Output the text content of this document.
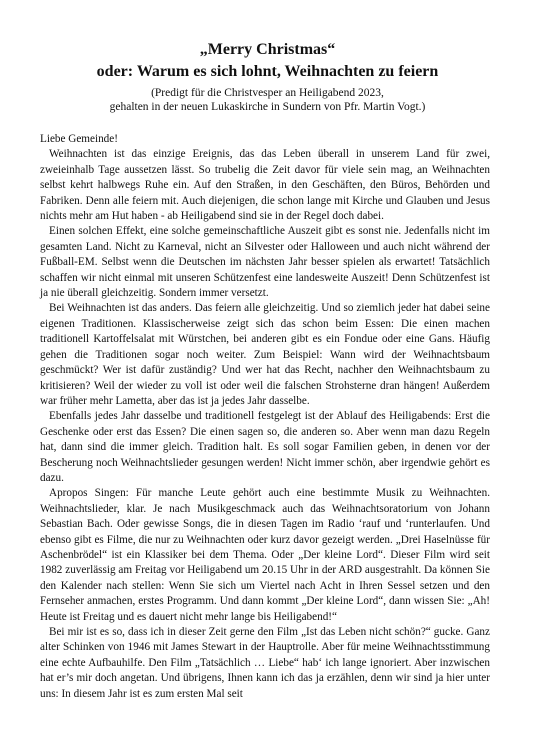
„Merry Christmas“
oder: Warum es sich lohnt, Weihnachten zu feiern

(Predigt für die Christvesper an Heiligabend 2023,

gehalten in der neuen Lukaskirche in Sundern von Pfr. Martin Vogt.)

Liebe Gemeinde!

Weihnachten ist das einzige Ereignis, das das Leben überall in unserem Land für zwei, zweieinhalb Tage aussetzen lässt. So trubelig die Zeit davor für viele sein mag, an Weihnachten selbst kehrt halbwegs Ruhe ein. Auf den Straßen, in den Geschäften, den Büros, Behörden und Fabriken. Denn alle feiern mit. Auch diejenigen, die schon lange mit Kirche und Glauben und Jesus nichts mehr am Hut haben - ab Heiligabend sind sie in der Regel doch dabei.

Einen solchen Effekt, eine solche gemeinschaftliche Auszeit gibt es sonst nie. Jedenfalls nicht im gesamten Land. Nicht zu Karneval, nicht an Silvester oder Halloween und auch nicht während der Fußball-EM. Selbst wenn die Deutschen im nächsten Jahr besser spielen als erwartet! Tatsächlich schaffen wir nicht einmal mit unseren Schützenfest eine landesweite Auszeit! Denn Schützenfest ist ja nie überall gleichzeitig. Sondern immer versetzt.

Bei Weihnachten ist das anders. Das feiern alle gleichzeitig. Und so ziemlich jeder hat dabei seine eigenen Traditionen. Klassischerweise zeigt sich das schon beim Essen: Die einen machen traditionell Kartoffelsalat mit Würstchen, bei anderen gibt es ein Fondue oder eine Gans. Häufig gehen die Traditionen sogar noch weiter. Zum Beispiel: Wann wird der Weihnachtsbaum geschmückt? Wer ist dafür zuständig? Und wer hat das Recht, nachher den Weihnachtsbaum zu kritisieren? Weil der wieder zu voll ist oder weil die falschen Strohsterne dran hängen! Außerdem war früher mehr Lametta, aber das ist ja jedes Jahr dasselbe.

Ebenfalls jedes Jahr dasselbe und traditionell festgelegt ist der Ablauf des Heiligabends: Erst die Geschenke oder erst das Essen? Die einen sagen so, die anderen so. Aber wenn man dazu Regeln hat, dann sind die immer gleich. Tradition halt. Es soll sogar Familien geben, in denen vor der Bescherung noch Weihnachtslieder gesungen werden! Nicht immer schön, aber irgendwie gehört es dazu.

Apropos Singen: Für manche Leute gehört auch eine bestimmte Musik zu Weihnachten. Weihnachtslieder, klar. Je nach Musikgeschmack auch das Weihnachtsoratorium von Johann Sebastian Bach. Oder gewisse Songs, die in diesen Tagen im Radio ‘rauf und ‘runterlaufen. Und ebenso gibt es Filme, die nur zu Weihnachten oder kurz davor gezeigt werden. „Drei Haselnüsse für Aschenbrödel“ ist ein Klassiker bei dem Thema. Oder „Der kleine Lord“. Dieser Film wird seit 1982 zuverlässig am Freitag vor Heiligabend um 20.15 Uhr in der ARD ausgestrahlt. Da können Sie den Kalender nach stellen: Wenn Sie sich um Viertel nach Acht in Ihren Sessel setzen und den Fernseher anmachen, erstes Programm. Und dann kommt „Der kleine Lord“, dann wissen Sie: „Ah! Heute ist Freitag und es dauert nicht mehr lange bis Heiligabend!“

Bei mir ist es so, dass ich in dieser Zeit gerne den Film „Ist das Leben nicht schön?“ gucke. Ganz alter Schinken von 1946 mit James Stewart in der Hauptrolle. Aber für meine Weihnachtsstimmung eine echte Aufbauhilfe. Den Film „Tatsächlich … Liebe“ hab‘ ich lange ignoriert. Aber inzwischen hat er’s mir doch angetan. Und übrigens, Ihnen kann ich das ja erzählen, denn wir sind ja hier unter uns: In diesem Jahr ist es zum ersten Mal seit
